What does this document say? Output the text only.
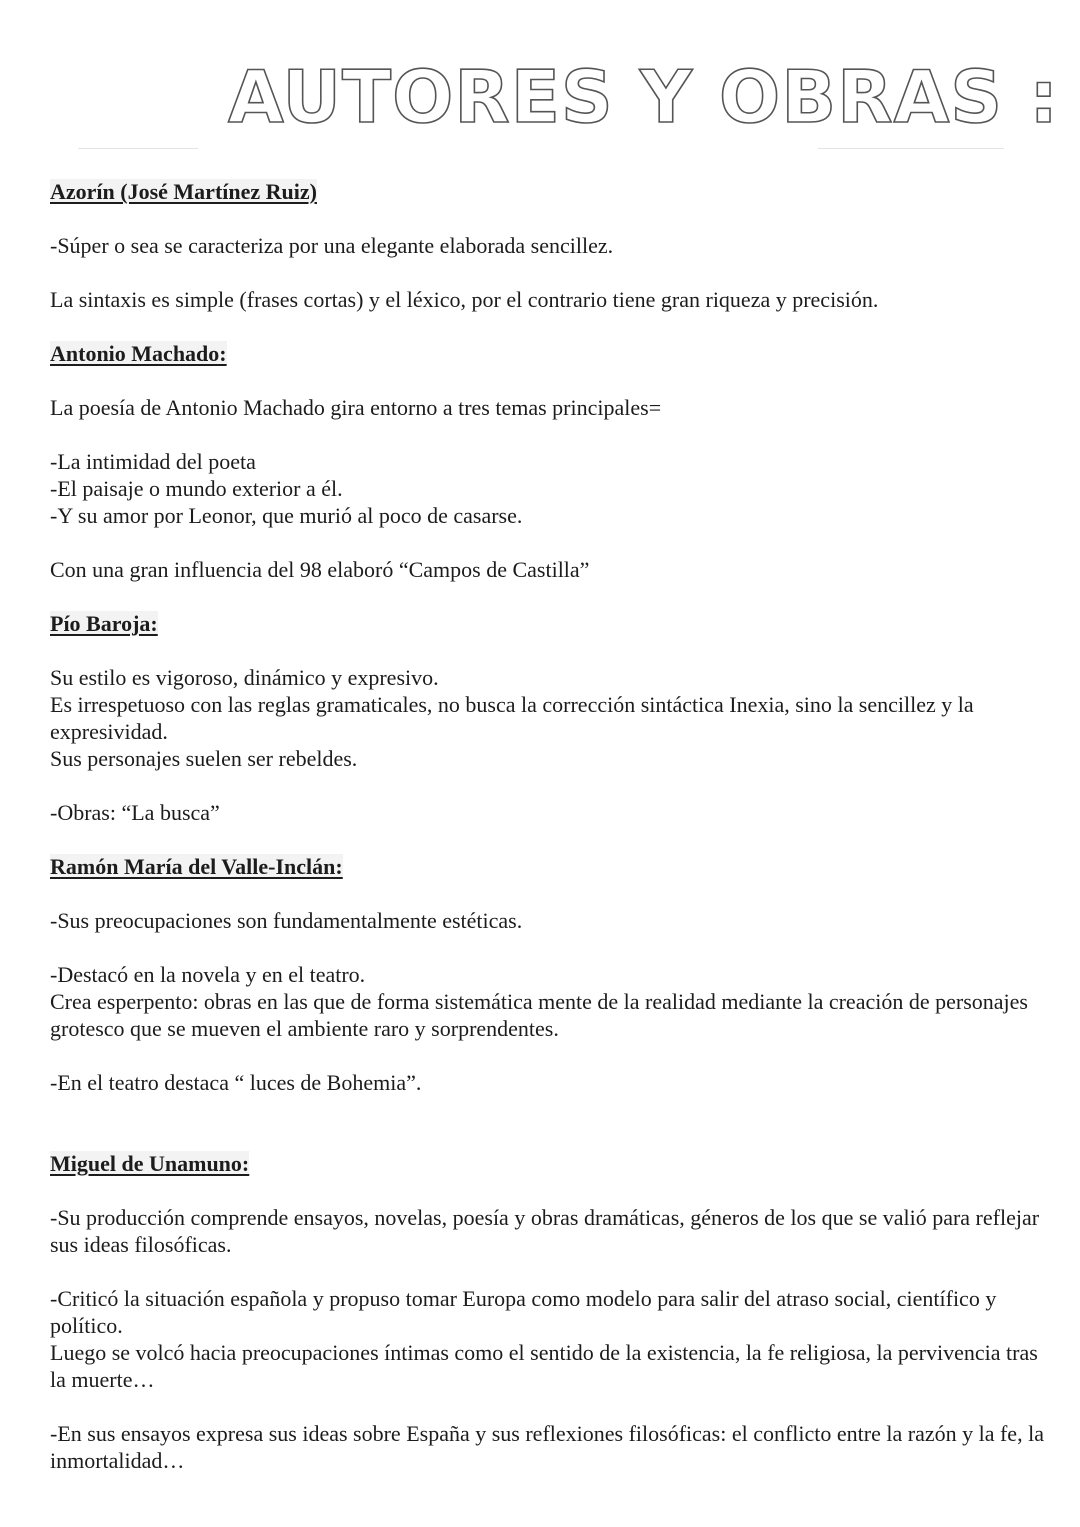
AUTORES Y OBRAS :

Azorín (José Martínez Ruiz)

-Súper o sea se caracteriza por una elegante elaborada sencillez.

La sintaxis es simple (frases cortas) y el léxico, por el contrario tiene gran riqueza y precisión.

Antonio Machado:

La poesía de Antonio Machado gira entorno a tres temas principales=

-La intimidad del poeta

-El paisaje o mundo exterior a él.

-Y su amor por Leonor, que murió al poco de casarse.

Con una gran influencia del 98 elaboró “Campos de Castilla”

Pío Baroja:

Su estilo es vigoroso, dinámico y expresivo.

Es irrespetuoso con las reglas gramaticales, no busca la corrección sintáctica Inexia, sino la sencillez y la expresividad.

Sus personajes suelen ser rebeldes.

-Obras: “La busca”

Ramón María del Valle-Inclán:

-Sus preocupaciones son fundamentalmente estéticas.

-Destacó en la novela y en el teatro.

Crea esperpento: obras en las que de forma sistemática mente de la realidad mediante la creación de personajes grotesco que se mueven el ambiente raro y sorprendentes.

-En el teatro destaca “ luces de Bohemia”.

Miguel de Unamuno:

-Su producción comprende ensayos, novelas, poesía y obras dramáticas, géneros de los que se valió para reflejar sus ideas filosóficas.

-Criticó la situación española y propuso tomar Europa como modelo para salir del atraso social, científico y político.

Luego se volcó hacia preocupaciones íntimas como el sentido de la existencia, la fe religiosa, la pervivencia tras la muerte…

-En sus ensayos expresa sus ideas sobre España y sus reflexiones filosóficas: el conflicto entre la razón y la fe, la inmortalidad…
